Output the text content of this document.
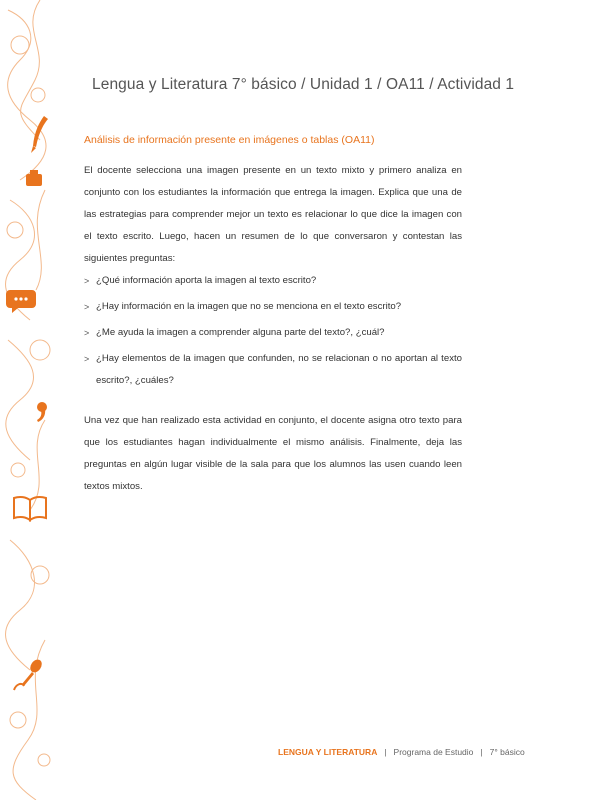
Lengua y Literatura 7° básico / Unidad 1 / OA11 / Actividad 1
Análisis de información presente en imágenes o tablas (OA11)

El docente selecciona una imagen presente en un texto mixto y primero analiza en conjunto con los estudiantes la información que entrega la imagen. Explica que una de las estrategias para comprender mejor un texto es relacionar lo que dice la imagen con el texto escrito. Luego, hacen un resumen de lo que conversaron y contestan las siguientes preguntas:

> ¿Qué información aporta la imagen al texto escrito?
> ¿Hay información en la imagen que no se menciona en el texto escrito?
> ¿Me ayuda la imagen a comprender alguna parte del texto?, ¿cuál?
> ¿Hay elementos de la imagen que confunden, no se relacionan o no aportan al texto escrito?, ¿cuáles?

Una vez que han realizado esta actividad en conjunto, el docente asigna otro texto para que los estudiantes hagan individualmente el mismo análisis. Finalmente, deja las preguntas en algún lugar visible de la sala para que los alumnos las usen cuando leen textos mixtos.

LENGUA Y LITERATURA | Programa de Estudio | 7° básico
